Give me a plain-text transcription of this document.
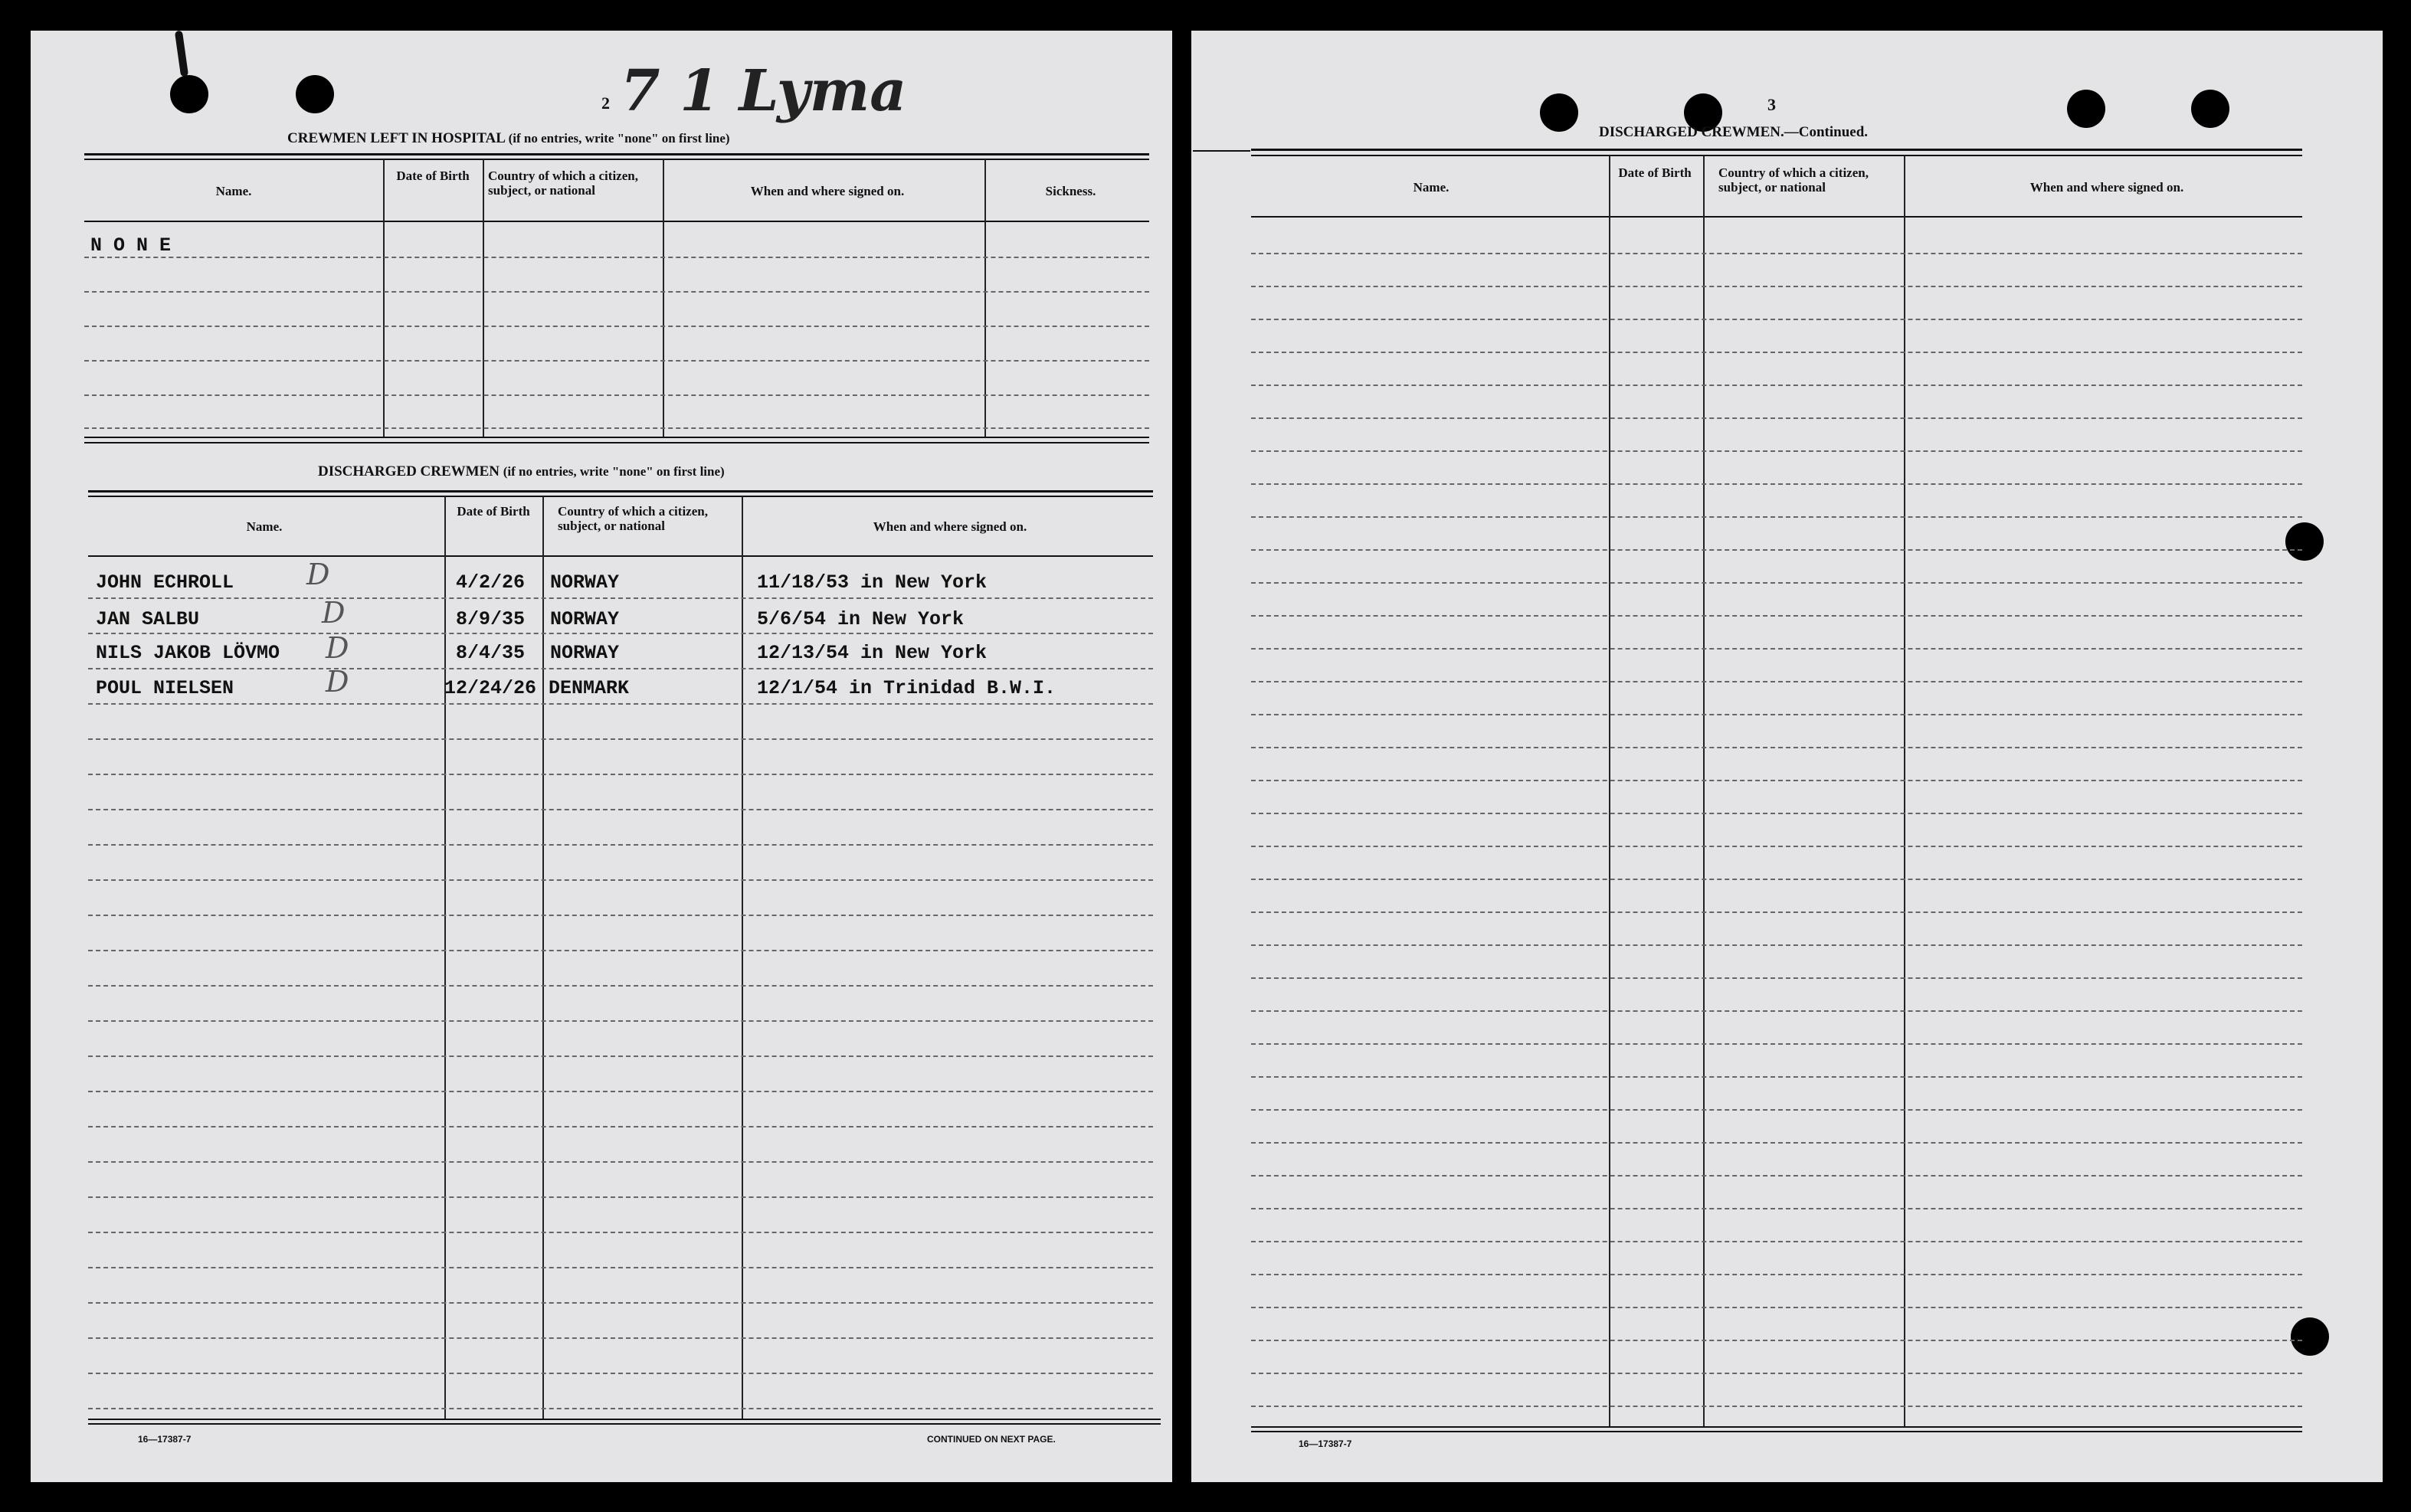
2 7 1 Lyma
CREWMEN LEFT IN HOSPITAL (if no entries, write "none" on first line)
Name.
Date of Birth	Country of which a citizen, subject, or national	When and where signed on.	Sickness.
N O N E
DISCHARGED CREWMEN (if no entries, write "none" on first line)
Name.
Date of Birth	Country of which a citizen, subject, or national	When and where signed on.
JOHN ECHROLL D	4/2/26 NORWAY	11/18/53 in New York
JAN SALBU	D	8/9/35 NORWAY	5/6/54 in New York
NILS JAKOB LÖVMO D	8/4/35 NORWAY	12/13/54 in New York
POUL NIELSEN	D	12/24/26 DENMARK	12/1/54 in Trinidad B.W.I.
16—17387-7	CONTINUED ON NEXT PAGE.
3
DISCHARGED CREWMEN.—Continued.
Name.
Date of Birth	Country of which a citizen, subject, or national	When and where signed on.
16—17387-7
